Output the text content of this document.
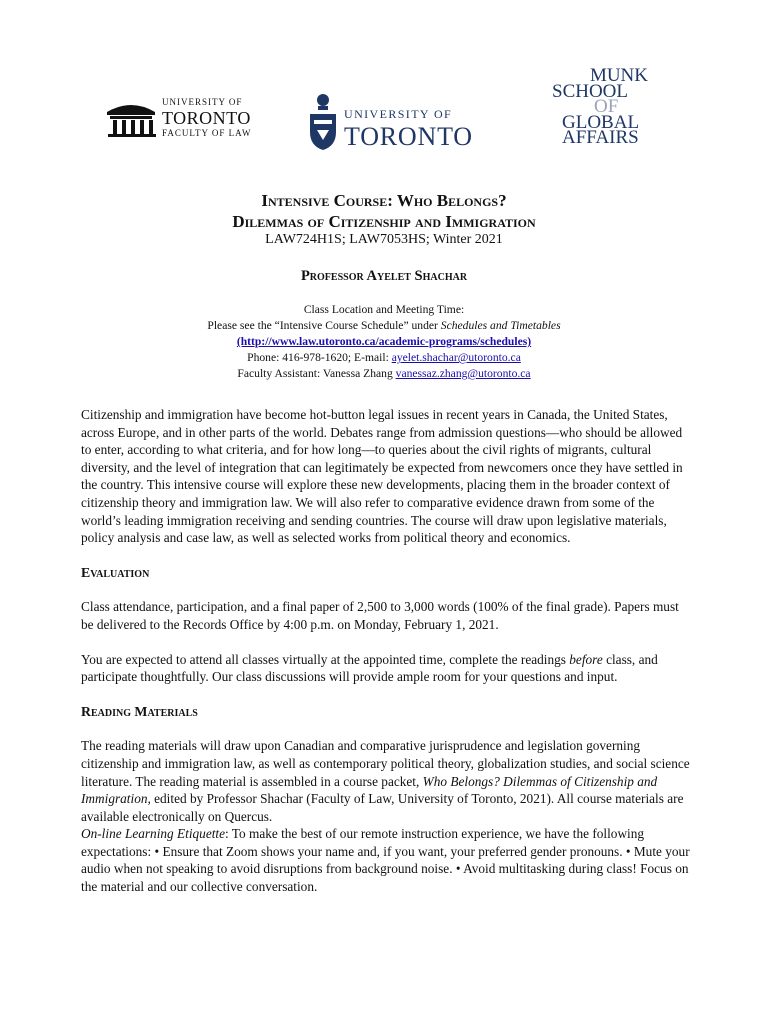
UNIVERSITY OF
TORONTO
FACULTY OF LAW
UNIVERSITY OF
TORONTO
MUNK
SCHOOL
OF
GLOBAL
AFFAIRS
Intensive Course: Who Belongs?
Dilemmas of Citizenship and Immigration
LAW724H1S; LAW7053HS; Winter 2021
Professor Ayelet Shachar
Class Location and Meeting Time:
Please see the “Intensive Course Schedule” under Schedules and Timetables
(http://www.law.utoronto.ca/academic-programs/schedules)
Phone: 416-978-1620; E-mail: ayelet.shachar@utoronto.ca
Faculty Assistant: Vanessa Zhang vanessaz.zhang@utoronto.ca

Citizenship and immigration have become hot-button legal issues in recent years in Canada, the United States, across Europe, and in other parts of the world. Debates range from admission questions—who should be allowed to enter, according to what criteria, and for how long—to queries about the civil rights of migrants, cultural diversity, and the level of integration that can legitimately be expected from newcomers once they have settled in the country. This intensive course will explore these new developments, placing them in the broader context of citizenship theory and immigration law. We will also refer to comparative evidence drawn from some of the world’s leading immigration receiving and sending countries. The course will draw upon legislative materials, policy analysis and case law, as well as selected works from political theory and economics.

Evaluation

Class attendance, participation, and a final paper of 2,500 to 3,000 words (100% of the final grade). Papers must be delivered to the Records Office by 4:00 p.m. on Monday, February 1, 2021.

You are expected to attend all classes virtually at the appointed time, complete the readings before class, and participate thoughtfully. Our class discussions will provide ample room for your questions and input.

Reading Materials

The reading materials will draw upon Canadian and comparative jurisprudence and legislation governing citizenship and immigration law, as well as contemporary political theory, globalization studies, and social science literature. The reading material is assembled in a course packet, Who Belongs? Dilemmas of Citizenship and Immigration, edited by Professor Shachar (Faculty of Law, University of Toronto, 2021). All course materials are available electronically on Quercus.

On-line Learning Etiquette: To make the best of our remote instruction experience, we have the following expectations: • Ensure that Zoom shows your name and, if you want, your preferred gender pronouns. • Mute your audio when not speaking to avoid disruptions from background noise. • Avoid multitasking during class! Focus on the material and our collective conversation.
